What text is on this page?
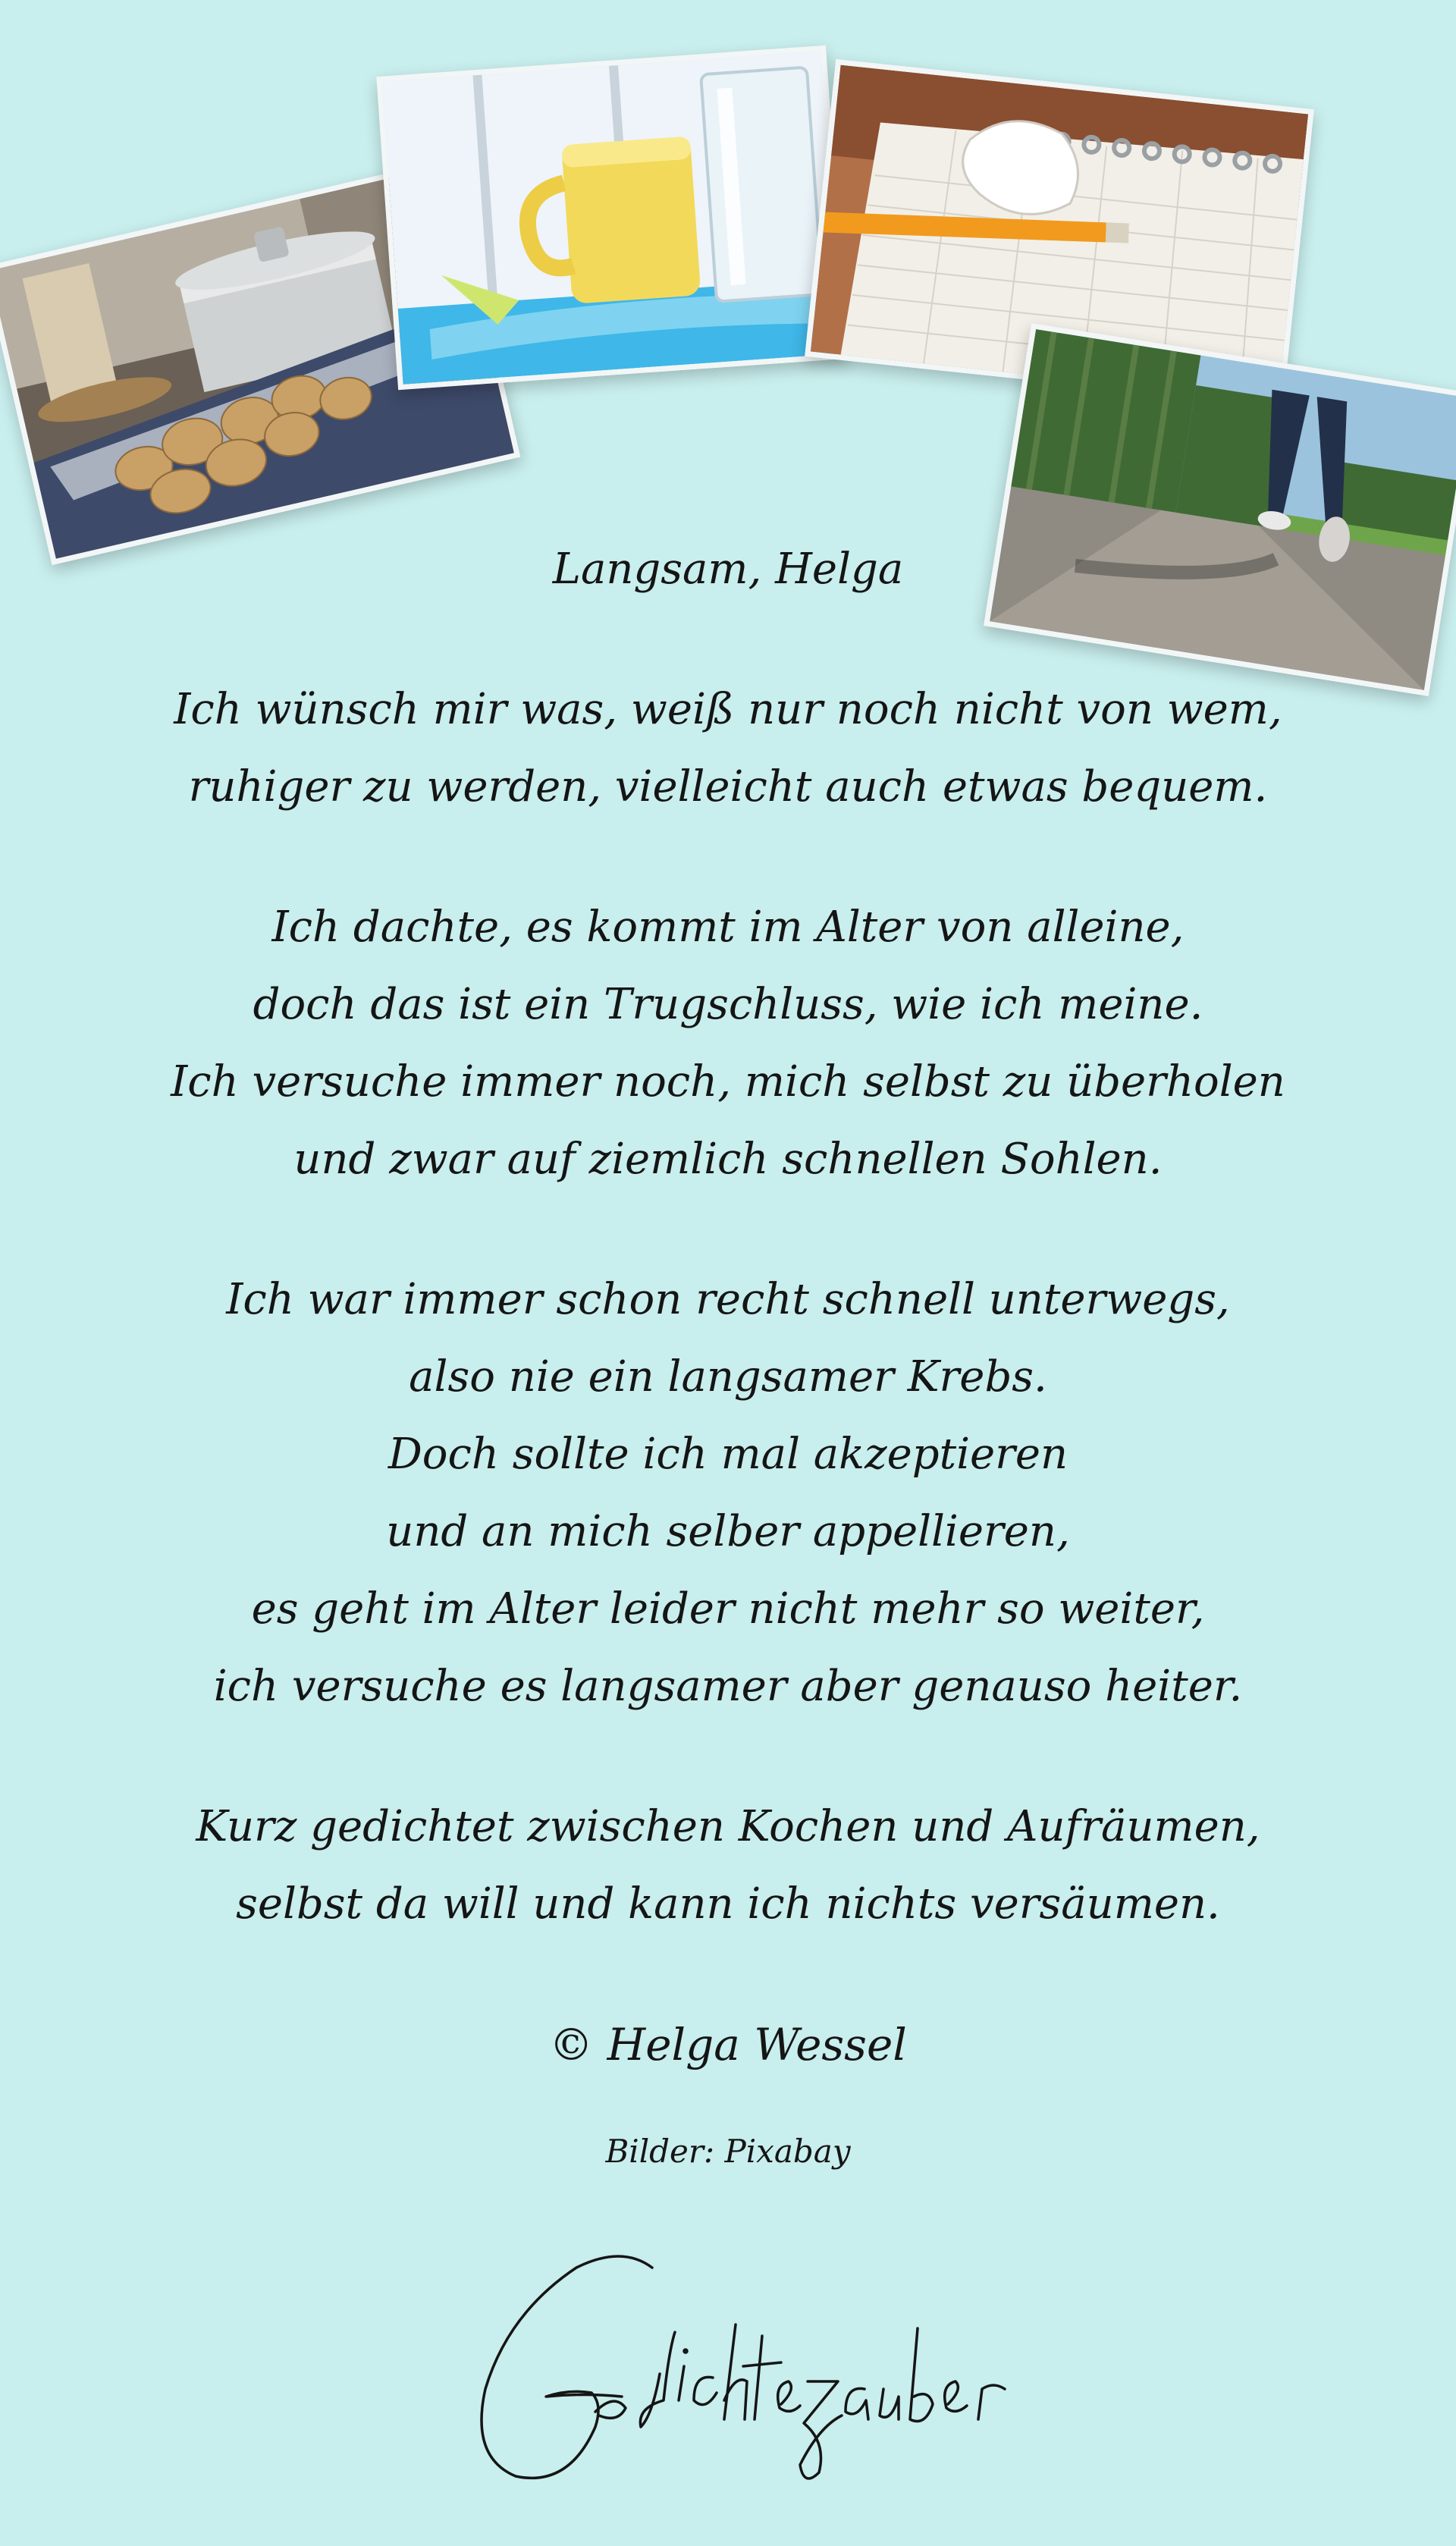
Langsam, Helga

Ich wünsch mir was, weiß nur noch nicht von wem,
ruhiger zu werden, vielleicht auch etwas bequem.
Ich dachte, es kommt im Alter von alleine,
doch das ist ein Trugschluss, wie ich meine.
Ich versuche immer noch, mich selbst zu überholen
und zwar auf ziemlich schnellen Sohlen.
Ich war immer schon recht schnell unterwegs,
also nie ein langsamer Krebs.
Doch sollte ich mal akzeptieren
und an mich selber appellieren,
es geht im Alter leider nicht mehr so weiter,
ich versuche es langsamer aber genauso heiter.
Kurz gedichtet zwischen Kochen und Aufräumen,
selbst da will und kann ich nichts versäumen.
© Helga Wessel
Bilder: Pixabay
